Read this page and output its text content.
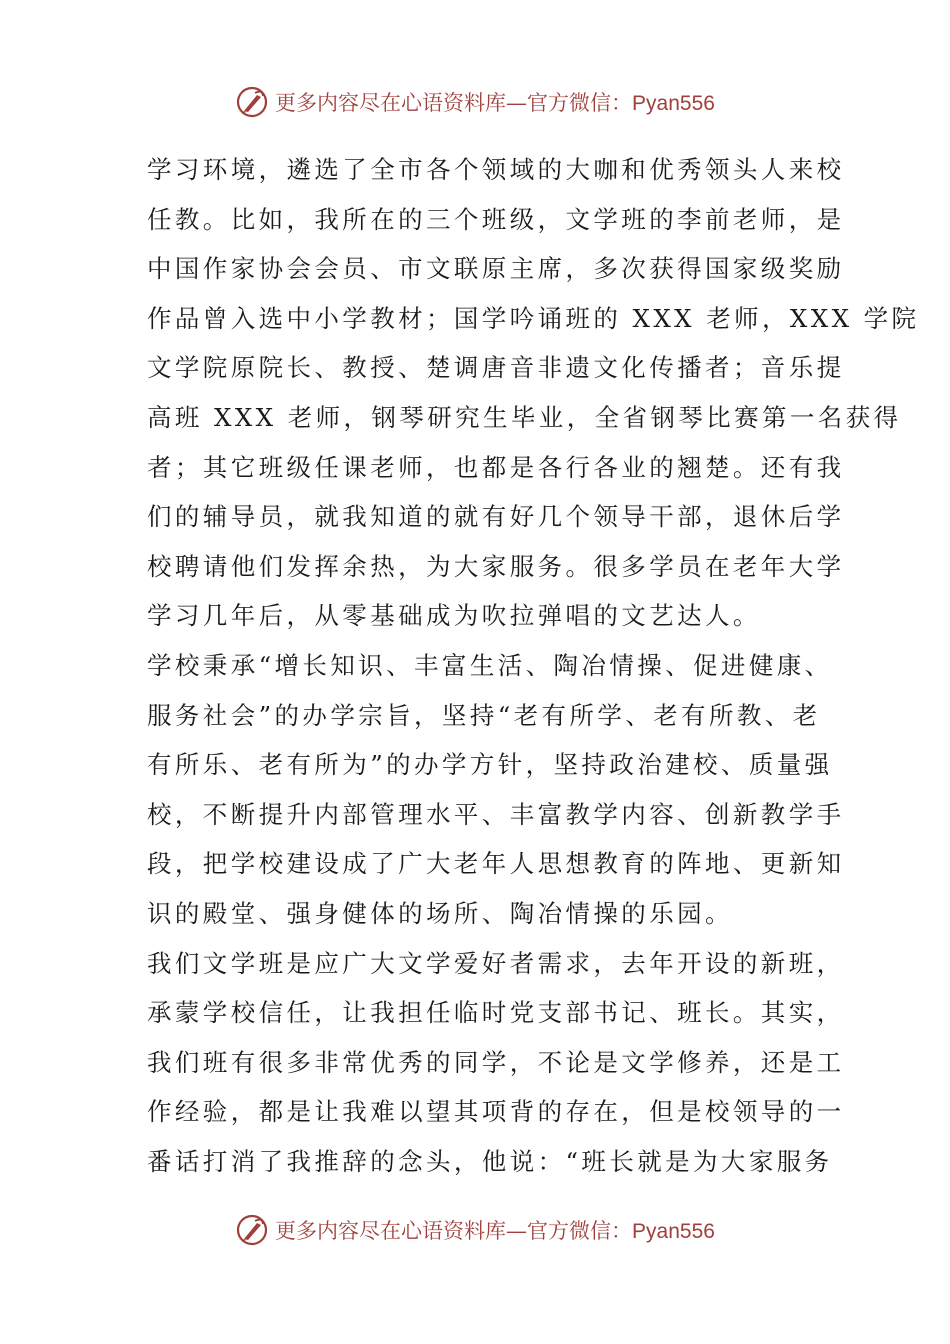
更多内容尽在心语资料库—官方微信：Pyan556
学习环境，遴选了全市各个领域的大咖和优秀领头人来校
任教。比如，我所在的三个班级，文学班的李前老师，是
中国作家协会会员、市文联原主席，多次获得国家级奖励
作品曾入选中小学教材；国学吟诵班的 XXX 老师，XXX 学院
文学院原院长、教授、楚调唐音非遗文化传播者；音乐提
高班 XXX 老师，钢琴研究生毕业，全省钢琴比赛第一名获得
者；其它班级任课老师，也都是各行各业的翘楚。还有我
们的辅导员，就我知道的就有好几个领导干部，退休后学
校聘请他们发挥余热，为大家服务。很多学员在老年大学
学习几年后，从零基础成为吹拉弹唱的文艺达人。
学校秉承“增长知识、丰富生活、陶冶情操、促进健康、
服务社会”的办学宗旨，坚持“老有所学、老有所教、老
有所乐、老有所为”的办学方针，坚持政治建校、质量强
校，不断提升内部管理水平、丰富教学内容、创新教学手
段，把学校建设成了广大老年人思想教育的阵地、更新知
识的殿堂、强身健体的场所、陶冶情操的乐园。
我们文学班是应广大文学爱好者需求，去年开设的新班，
承蒙学校信任，让我担任临时党支部书记、班长。其实，
我们班有很多非常优秀的同学，不论是文学修养，还是工
作经验，都是让我难以望其项背的存在，但是校领导的一
番话打消了我推辞的念头，他说：“班长就是为大家服务
更多内容尽在心语资料库—官方微信：Pyan556
